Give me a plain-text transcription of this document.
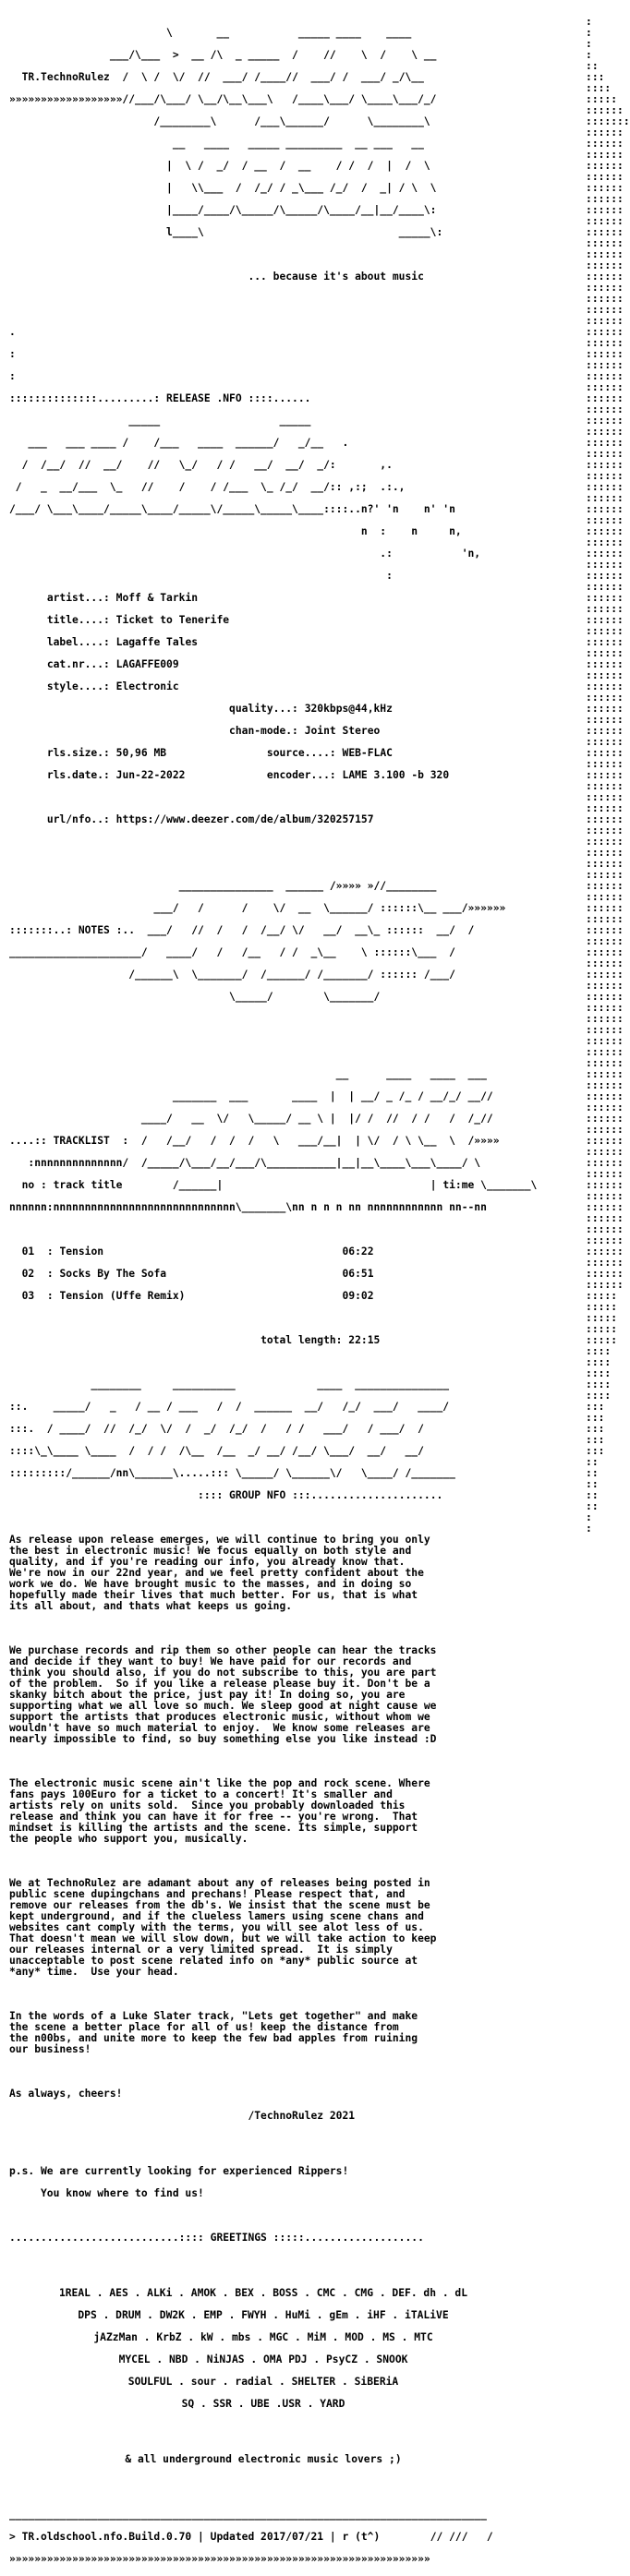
\       __           _____ ____    ____

___/\___  >  __ /\  _ _____  /    //    \  /    \ __

TR.TechnoRulez  /  \ /  \/  //  ___/ /____//  ___/ /  ___/ _/\__

»»»»»»»»»»»»»»»»»»//___/\___/ \__/\__\___\   /____\___/ \____\___/_/

/________\      /___\______/      \________\

__   ____   _____ _________  __ ___   __

|  \ /  _/  / __  /  __    / /  /  |  /  \

|   \\___  /  /_/ / _\___ /_/  /  _| / \  \

|____/____/\_____/\_____/\____/__|__/____\:

l____\                               _____\:

... because it's about music

.

:

:

::::::::::::::.........: RELEASE .NFO ::::......

_____                   _____

___   ___ ____ /    /___   ____  ______/   _/__   .

/  /__/  //  __/    //   \_/   / /   __/  __/  _/:       ,.

/   _  __/___  \_   //    /    / /___  \_ /_/  __/:: ,:;  .:.,

/___/ \___\____/_____\____/_____\/_____\_____\____::::..n?' 'n    n' 'n

n  :    n     n,

.:           'n,

:

artist...: Moff & Tarkin

title....: Ticket to Tenerife

label....: Lagaffe Tales

cat.nr...: LAGAFFE009

style....: Electronic

quality...: 320kbps@44,kHz

chan-mode.: Joint Stereo

rls.size.: 50,96 MB	source....: WEB-FLAC

rls.date.: Jun-22-2022	encoder...: LAME 3.100 -b 320

url/nfo..: https://www.deezer.com/de/album/320257157

_______________  ______ /»»»» »//________

___/   /      /    \/  __  \______/ ::::::\__ ___/»»»»»»

:::::::..: NOTES :..  ___/   //  /   /  /__/ \/   __/  __\_ ::::::  __/  /

_____________________/   ____/   /   /__   / /  _\__    \ ::::::\___  /

/______\  \_______/  /______/ /_______/ :::::: /___/

\_____/        \_______/

__      ____   ____  ___

_______  ___       ____  |  | __/ _ /_ / __/_/ __//

____/   __  \/   \_____/ __ \ |  |/ /  //  / /   /  /_//

....:: TRACKLIST  :  /   /__/   /  /  /   \   ___/__|  | \/  / \ \__  \  /»»»»

:nnnnnnnnnnnnnn/  /_____/\___/__/___/\___________|__|__\____\___\____/ \

no : track title        /______|                                 | ti:me \_______\

nnnnnn:nnnnnnnnnnnnnnnnnnnnnnnnnnnnn\_______\nn n n n nn nnnnnnnnnnnn nn--nn

01  : Tension	06:22

02  : Socks By The Sofa	06:51

03  : Tension (Uffe Remix)	09:02

total length: 22:15

________     __________             ____  _______________

::.    _____/   _   / __ / ___   /  /  ______  __/   /_/  ___/   ____/

:::.  / ____/  //  /_/  \/  /  _/  /_/  /   / /   ___/   / ___/  /

::::\_\____ \____  /  / /  /\__  /__  _/ __/ /__/ \___/  __/   __/

:::::::::/______/nn\______\.....::: \_____/ \______\/   \____/ /_______

:::: GROUP NFO :::.....................

As release upon release emerges, we will continue to bring you only
the best in electronic music! We focus equally on both style and
quality, and if you're reading our info, you already know that.
We're now in our 22nd year, and we feel pretty confident about the
work we do. We have brought music to the masses, and in doing so
hopefully made their lives that much better. For us, that is what
its all about, and thats what keeps us going.

We purchase records and rip them so other people can hear the tracks
and decide if they want to buy! We have paid for our records and
think you should also, if you do not subscribe to this, you are part
of the problem.  So if you like a release please buy it. Don't be a
skanky bitch about the price, just pay it! In doing so, you are
supporting what we all love so much. We sleep good at night cause we
support the artists that produces electronic music, without whom we
wouldn't have so much material to enjoy.  We know some releases are
nearly impossible to find, so buy something else you like instead :D

The electronic music scene ain't like the pop and rock scene. Where
fans pays 100Euro for a ticket to a concert! It's smaller and
artists rely on units sold.  Since you probably downloaded this
release and think you can have it for free -- you're wrong.  That
mindset is killing the artists and the scene. Its simple, support
the people who support you, musically.

We at TechnoRulez are adamant about any of releases being posted in
public scene dupingchans and prechans! Please respect that, and
remove our releases from the db's. We insist that the scene must be
kept underground, and if the clueless lamers using scene chans and
websites cant comply with the terms, you will see alot less of us.
That doesn't mean we will slow down, but we will take action to keep
our releases internal or a very limited spread.  It is simply
unacceptable to post scene related info on *any* public source at
*any* time.  Use your head.

In the words of a Luke Slater track, "Lets get together" and make
the scene a better place for all of us! keep the distance from
the n00bs, and unite more to keep the few bad apples from ruining
our business!

As always, cheers!

/TechnoRulez 2021

p.s. We are currently looking for experienced Rippers!

You know where to find us!

...........................:::: GREETINGS :::::...................

1REAL . AES . ALKi . AMOK . BEX . BOSS . CMC . CMG . DEF. dh . dL

DPS . DRUM . DW2K . EMP . FWYH . HuMi . gEm . iHF . iTALiVE

jAZzMan . KrbZ . kW . mbs . MGC . MiM . MOD . MS . MTC

MYCEL . NBD . NiNJAS . OMA PDJ . PsyCZ . SNOOK

SOULFUL . sour . radial . SHELTER . SiBERiA

SQ . SSR . UBE .USR . YARD

& all underground electronic music lovers ;)

____________________________________________________________________________

> TR.oldschool.nfo.Build.0.70 | Updated 2017/07/21 | r (t^)	// ///   /

»»»»»»»»»»»»»»»»»»»»»»»»»»»»»»»»»»»»»»»»»»»»»»»»»»»»»»»»»»»»»»»»»»»

:
:
:
:
::
:::
::::
:::::
::::::
:::::::
::::::
::::::
::::::
::::::
::::::
::::::
::::::
::::::
::::::
::::::
::::::
::::::
::::::
::::::
::::::
::::::
::::::
::::::
::::::
::::::
::::::
::::::
::::::
::::::
::::::
::::::
::::::
::::::
::::::
::::::
::::::
::::::
::::::
::::::
::::::
::::::
::::::
::::::
::::::
::::::
::::::
::::::
::::::
::::::
::::::
::::::
::::::
::::::
::::::
::::::
::::::
::::::
::::::
::::::
::::::
::::::
::::::
::::::
::::::
::::::
::::::
::::::
::::::
::::::
::::::
::::::
::::::
::::::
::::::
::::::
::::::
::::::
::::::
::::::
::::::
::::::
::::::
::::::
::::::
::::::
::::::
::::::
::::::
::::::
::::::
::::::
::::::
::::::
::::::
::::::
::::::
::::::
::::::
::::::
::::::
::::::
::::::
::::::
::::::
::::::
::::::
::::::
::::::
::::::
::::::
:::::
:::::
:::::
:::::
:::::
::::
::::
::::
::::
::::
:::
:::
:::
:::
:::
::
::
::
::
::
:
:
